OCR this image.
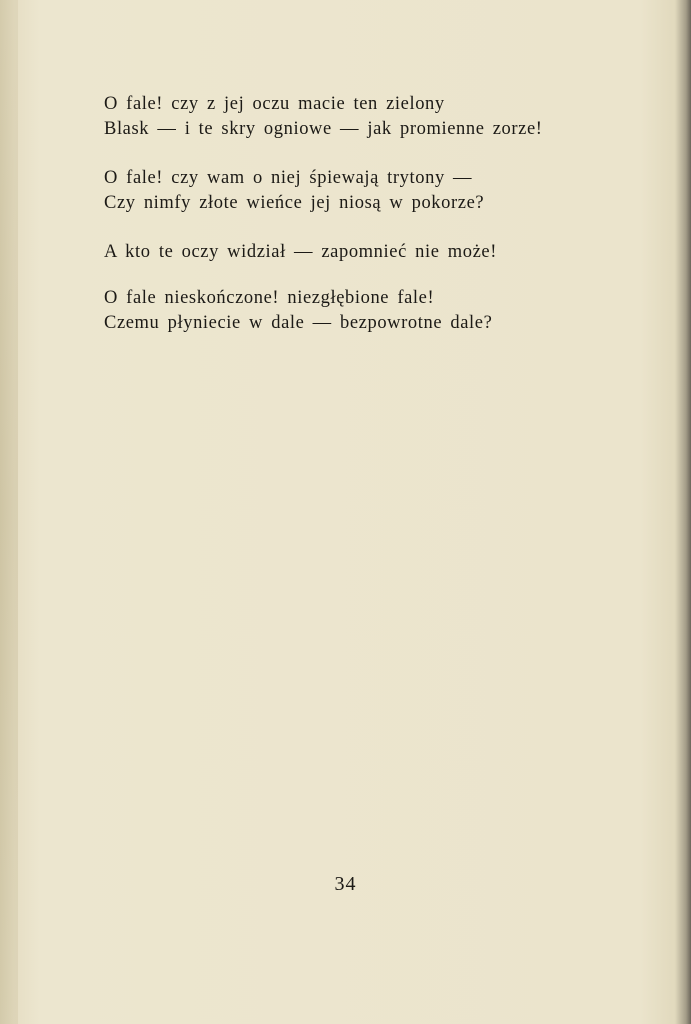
O fale! czy z jej oczu macie ten zielony
Blask — i te skry ogniowe — jak promienne zorze!
O fale! czy wam o niej śpiewają trytony —
Czy nimfy złote wieńce jej niosą w pokorze?
A kto te oczy widział — zapomnieć nie może!
O fale nieskończone! niezgłębione fale!
Czemu płyniecie w dale — bezpowrotne dale?
34
